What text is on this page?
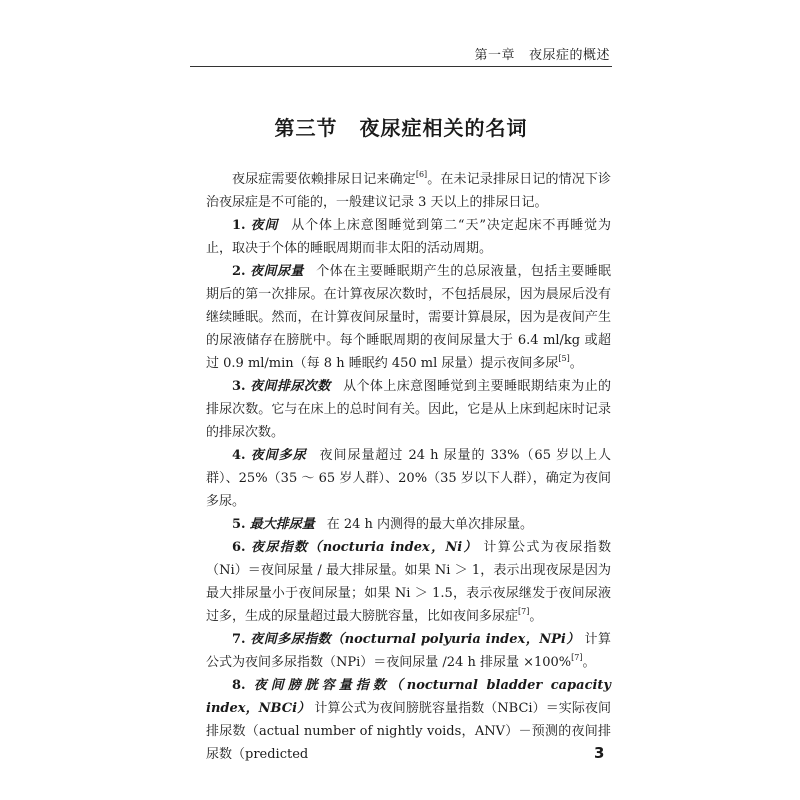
第一章 夜尿症的概述
第三节 夜尿症相关的名词

夜尿症需要依赖排尿日记来确定[6]。在未记录排尿日记的情况下诊治夜尿症是不可能的，一般建议记录 3 天以上的排尿日记。

1. 夜间 从个体上床意图睡觉到第二“天”决定起床不再睡觉为止，取决于个体的睡眠周期而非太阳的活动周期。

2. 夜间尿量 个体在主要睡眠期产生的总尿液量，包括主要睡眠期后的第一次排尿。在计算夜尿次数时，不包括晨尿，因为晨尿后没有继续睡眠。然而，在计算夜间尿量时，需要计算晨尿，因为是夜间产生的尿液储存在膀胱中。每个睡眠周期的夜间尿量大于 6.4 ml/kg 或超过 0.9 ml/min（每 8 h 睡眠约 450 ml 尿量）提示夜间多尿[5]。

3. 夜间排尿次数 从个体上床意图睡觉到主要睡眠期结束为止的排尿次数。它与在床上的总时间有关。因此，它是从上床到起床时记录的排尿次数。

4. 夜间多尿 夜间尿量超过 24 h 尿量的 33%（65 岁以上人群）、25%（35 ～ 65 岁人群）、20%（35 岁以下人群），确定为夜间多尿。

5. 最大排尿量 在 24 h 内测得的最大单次排尿量。

6. 夜尿指数（nocturia index，Ni） 计算公式为夜尿指数（Ni）＝夜间尿量 / 最大排尿量。如果 Ni ＞ 1，表示出现夜尿是因为最大排尿量小于夜间尿量；如果 Ni ＞ 1.5，表示夜尿继发于夜间尿液过多，生成的尿量超过最大膀胱容量，比如夜间多尿症[7]。

7. 夜间多尿指数（nocturnal polyuria index，NPi） 计算公式为夜间多尿指数（NPi）＝夜间尿量 /24 h 排尿量 ×100%[7]。

8. 夜间膀胱容量指数（nocturnal bladder capacity index，NBCi） 计算公式为夜间膀胱容量指数（NBCi）＝实际夜间排尿数（actual number of nightly voids，ANV）－预测的夜间排尿数（predicted	3
